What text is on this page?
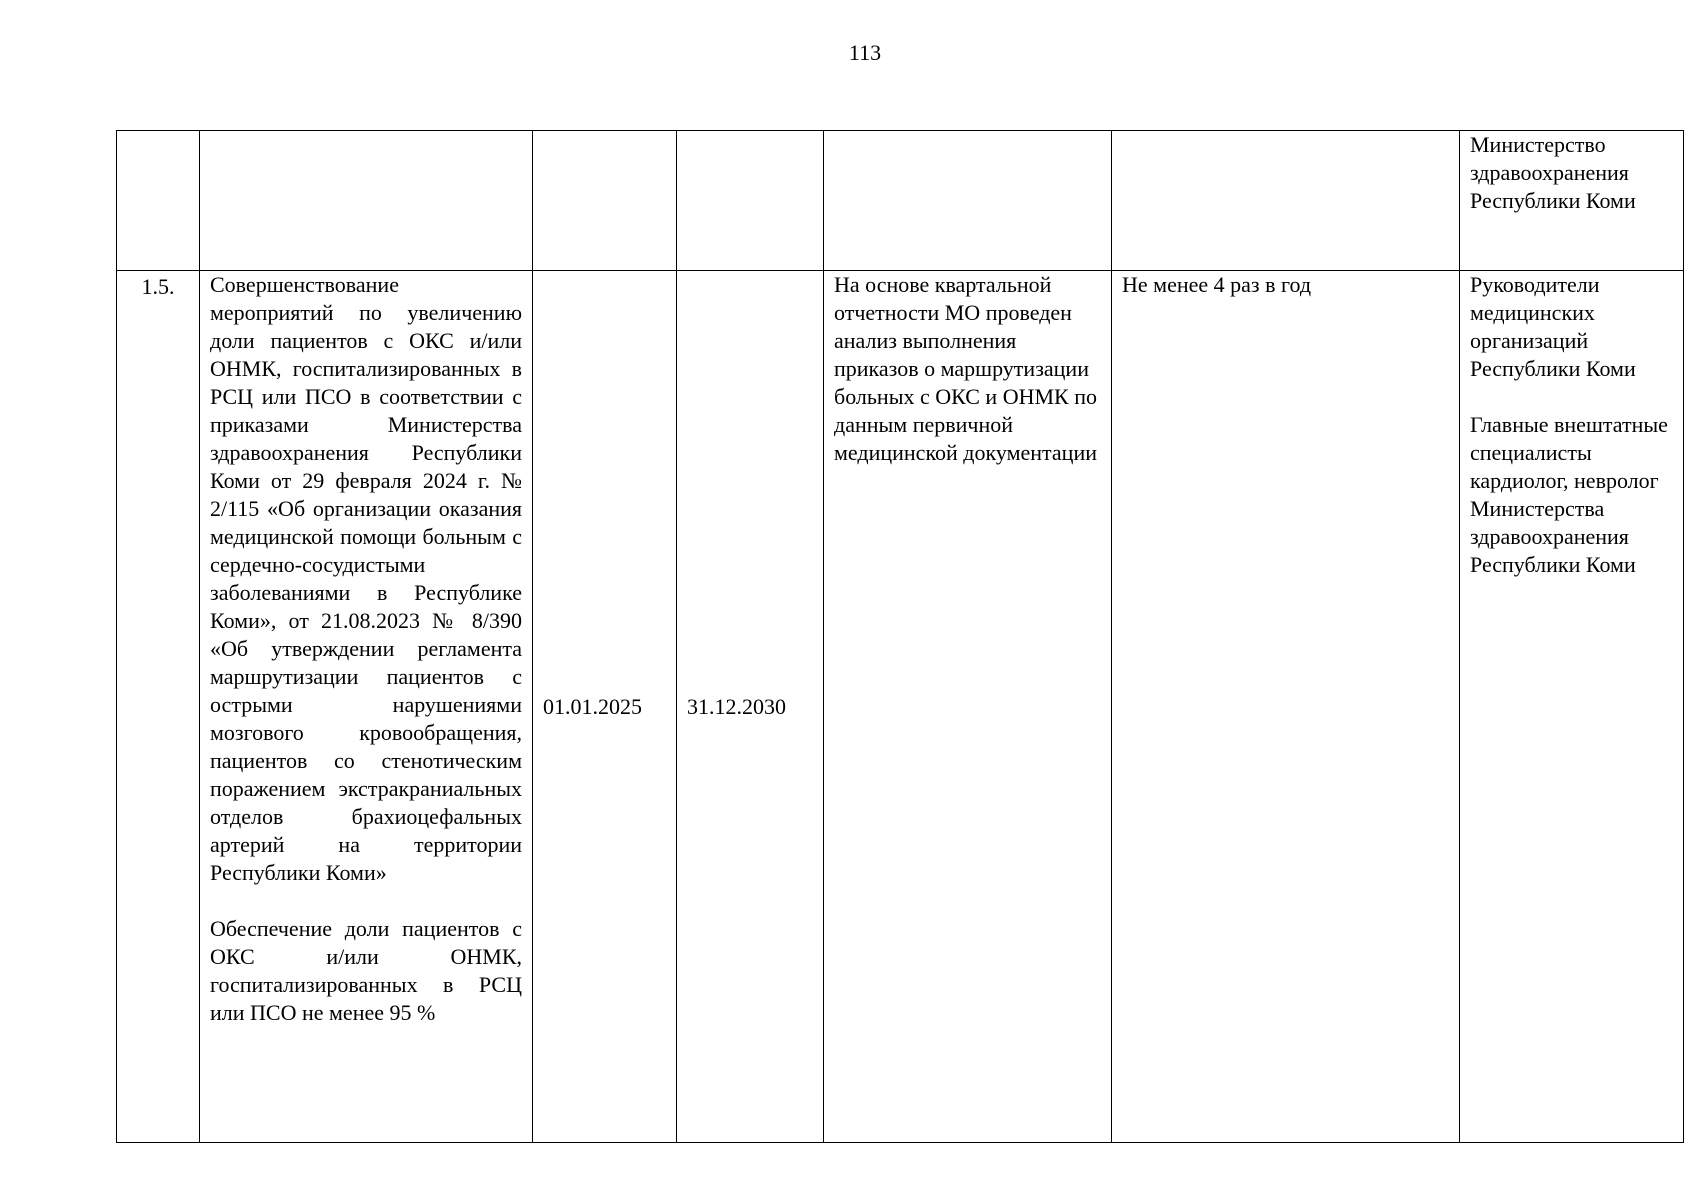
113

						Министерство здравоохранения Республики Коми

1.5.	Совершенствование мероприятий по увеличению доли пациентов с ОКС и/или ОНМК, госпитализированных в РСЦ или ПСО в соответствии с приказами Министерства здравоохранения Республики Коми от 29 февраля 2024 г. № 2/115 «Об организации оказания медицинской помощи больным с сердечно-сосудистыми заболеваниями в Республике Коми», от 21.08.2023 № 8/390 «Об утверждении регламента маршрутизации пациентов с острыми нарушениями мозгового кровообращения, пациентов со стенотическим поражением экстракраниальных отделов брахиоцефальных артерий на территории Республики Коми»
Обеспечение доли пациентов с ОКС и/или ОНМК, госпитализированных в РСЦ или ПСО не менее 95 %	01.01.2025	31.12.2030	На основе квартальной отчетности МО проведен анализ выполнения приказов о маршрутизации больных с ОКС и ОНМК по данным первичной медицинской документации	Не менее 4 раз в год	Руководители медицинских организаций Республики Коми
Главные внештатные специалисты кардиолог, невролог Министерства здравоохранения Республики Коми
